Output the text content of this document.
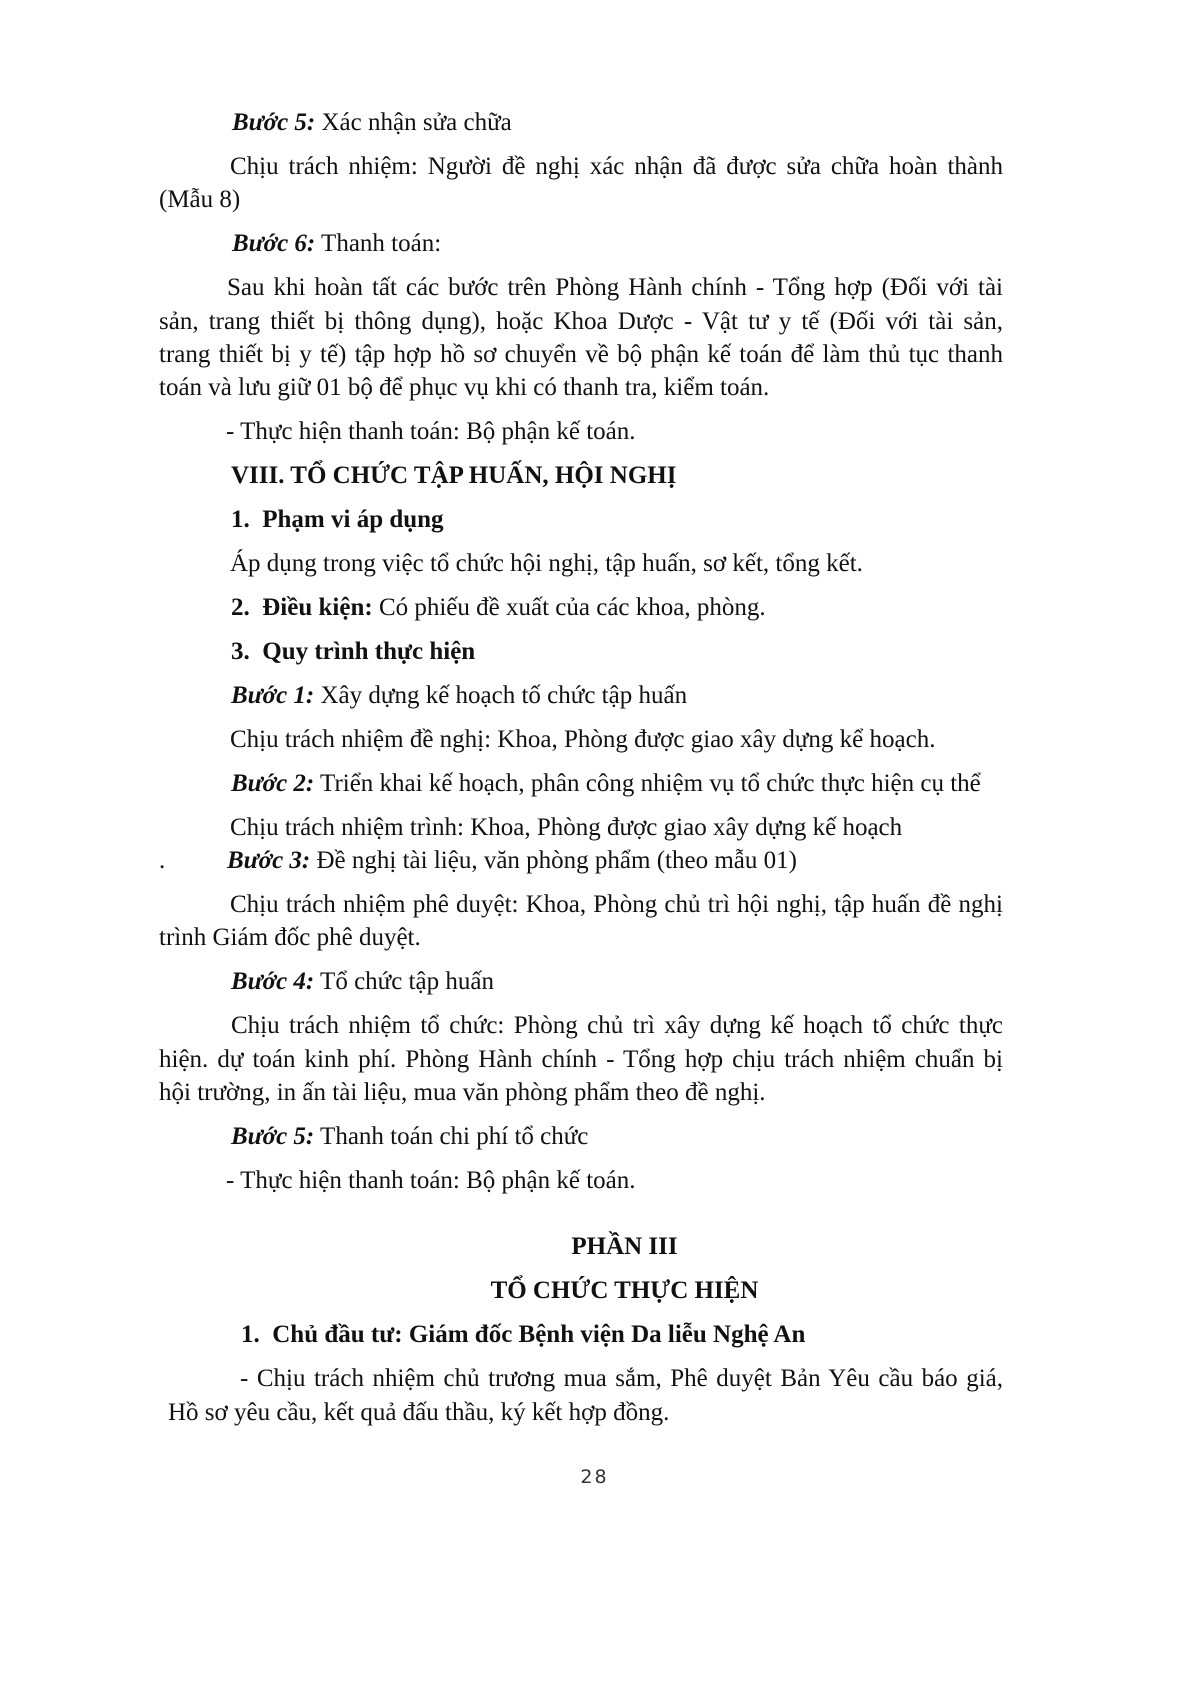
Bước 5: Xác nhận sửa chữa
Chịu trách nhiệm: Người đề nghị xác nhận đã được sửa chữa hoàn thành
(Mẫu 8)
Bước 6: Thanh toán:
Sau khi hoàn tất các bước trên Phòng Hành chính - Tổng hợp (Đối với tài
sản, trang thiết bị thông dụng), hoặc Khoa Dược - Vật tư y tế (Đối với tài sản,
trang thiết bị y tế) tập hợp hồ sơ chuyển về bộ phận kế toán để làm thủ tục thanh
toán và lưu giữ 01 bộ để phục vụ khi có thanh tra, kiểm toán.
- Thực hiện thanh toán: Bộ phận kế toán.
VIII. TỔ CHỨC TẬP HUẤN, HỘI NGHỊ
1. Phạm vi áp dụng
Áp dụng trong việc tổ chức hội nghị, tập huấn, sơ kết, tổng kết.
2. Điều kiện: Có phiếu đề xuất của các khoa, phòng.
3. Quy trình thực hiện
Bước 1: Xây dựng kế hoạch tố chức tập huấn
Chịu trách nhiệm đề nghị: Khoa, Phòng được giao xây dựng kể hoạch.
Bước 2: Triển khai kế hoạch, phân công nhiệm vụ tổ chức thực hiện cụ thể
Chịu trách nhiệm trình: Khoa, Phòng được giao xây dựng kế hoạch
. Bước 3: Đề nghị tài liệu, văn phòng phẩm (theo mẫu 01)
Chịu trách nhiệm phê duyệt: Khoa, Phòng chủ trì hội nghị, tập huấn đề nghị
trình Giám đốc phê duyệt.
Bước 4: Tổ chức tập huấn
Chịu trách nhiệm tổ chức: Phòng chủ trì xây dựng kế hoạch tổ chức thực
hiện. dự toán kinh phí. Phòng Hành chính - Tổng hợp chịu trách nhiệm chuẩn bị
hội trường, in ấn tài liệu, mua văn phòng phẩm theo đề nghị.
Bước 5: Thanh toán chi phí tổ chức
- Thực hiện thanh toán: Bộ phận kế toán.
PHẦN III
TỔ CHỨC THỰC HIỆN
1. Chủ đầu tư: Giám đốc Bệnh viện Da liễu Nghệ An
- Chịu trách nhiệm chủ trương mua sắm, Phê duyệt Bản Yêu cầu báo giá,
Hồ sơ yêu cầu, kết quả đấu thầu, ký kết hợp đồng.
28
